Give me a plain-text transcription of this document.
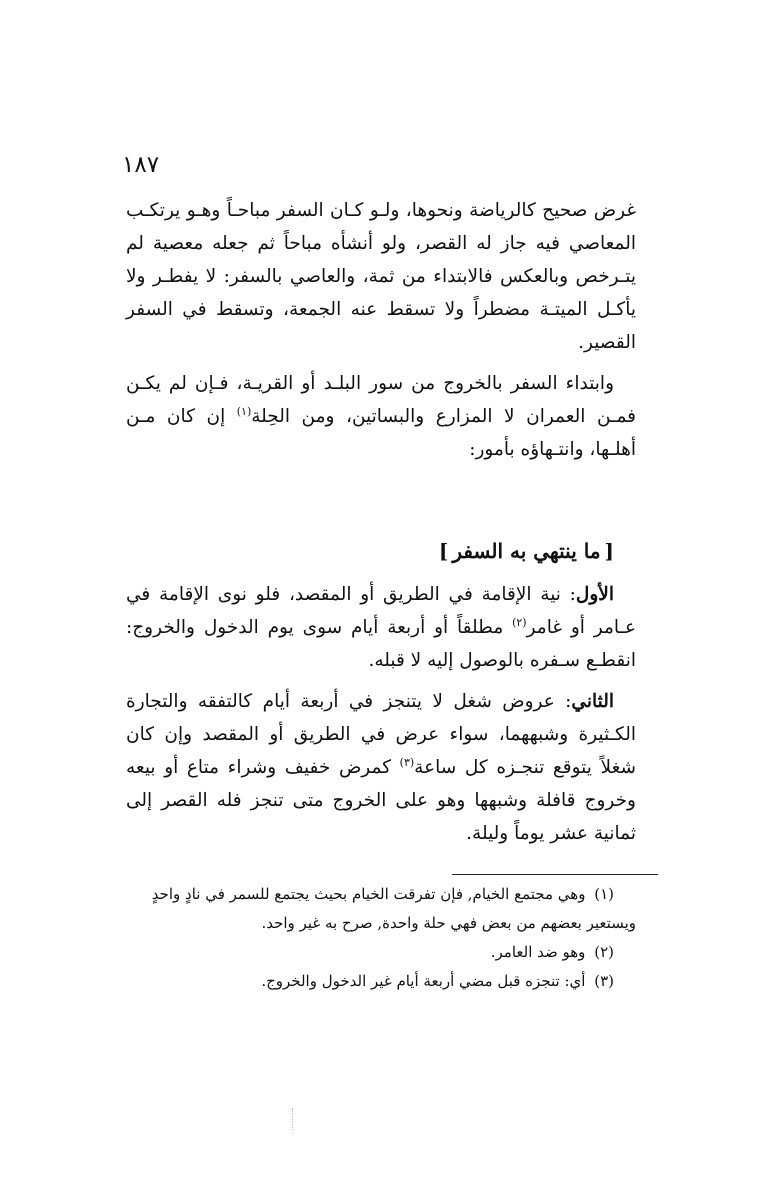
١٨٧

غرض صحيح كالرياضة ونحوها، ولـو كـان السفر مباحـاً وهـو يرتكـب المعاصي فيه جاز له القصر، ولو أنشأه مباحاً ثم جعله معصية لم يتـرخص وبالعكس فالابتداء من ثمة، والعاصي بالسفر: لا يفطـر ولا يأكـل الميتـة مضطراً ولا تسقط عنه الجمعة، وتسقط في السفر القصير.

وابتداء السفر بالخروج من سور البلـد أو القريـة، فـإن لم يكـن فمـن العمران لا المزارع والبساتين، ومن الحِلة$^{(١)}$ إن كان مـن أهلـها، وانتـهاؤه بأمور:

[ما ينتهي به السفر]

الأول: نية الإقامة في الطريق أو المقصد، فلو نوى الإقامة في عـامر أو غامر$^{(٢)}$ مطلقاً أو أربعة أيام سوى يوم الدخول والخروج: انقطـع سـفره بالوصول إليه لا قبله.

الثاني: عروض شغل لا يتنجز في أربعة أيام كالتفقه والتجارة الكـثيرة وشبههما، سواء عرض في الطريق أو المقصد وإن كان شغلاً يتوقع تنجـزه كل ساعة$^{(٣)}$ كمرض خفيف وشراء متاع أو بيعه وخروج قافلة وشبهها وهو على الخروج متى تنجز فله القصر إلى ثمانية عشر يوماً وليلة.

(١) وهي مجتمع الخيام, فإن تفرقت الخيام بحيث يجتمع للسمر في نادٍ واحدٍ

ويستعير بعضهم من بعض فهي حلة واحدة, صرح به غير واحد.

(٢) وهو ضد العامر.

(٣) أي: تنجزه قبل مضي أربعة أيام غير الدخول والخروج.
